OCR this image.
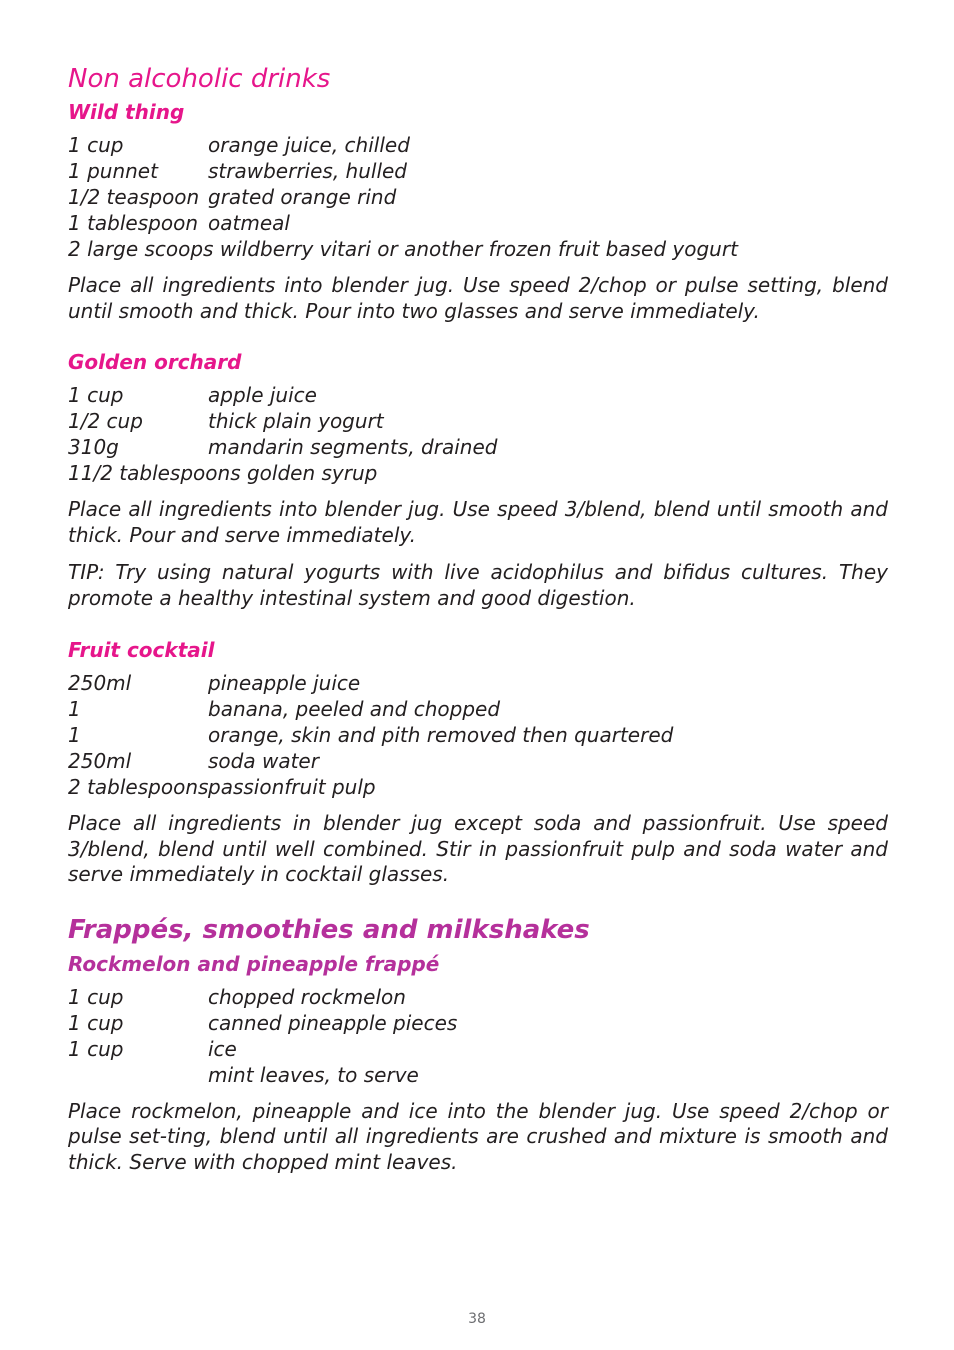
Non alcoholic drinks
Wild thing
1 cup	orange juice, chilled
1 punnet	strawberries, hulled
1/2 teaspoon grated orange rind
1 tablespoon oatmeal
2 large scoops wildberry vitari or another frozen fruit based yogurt

Place all ingredients into blender jug. Use speed 2/chop or pulse setting, blend until smooth and thick. Pour into two glasses and serve immediately.

Golden orchard
1 cup	apple juice
1/2 cup	thick plain yogurt
310g	mandarin segments, drained
11/2 tablespoons golden syrup

Place all ingredients into blender jug. Use speed 3/blend, blend until smooth and thick. Pour and serve immediately.

TIP: Try using natural yogurts with live acidophilus and bifidus cultures. They promote a healthy intestinal system and good digestion.

Fruit cocktail
250ml	pineapple juice
1	banana, peeled and chopped
1	orange, skin and pith removed then quartered
250ml	soda water
2 tablespoons passionfruit pulp

Place all ingredients in blender jug except soda and passionfruit. Use speed 3/blend, blend until well combined. Stir in passionfruit pulp and soda water and serve immediately in cocktail glasses.

Frappés, smoothies and milkshakes
Rockmelon and pineapple frappé
1 cup	chopped rockmelon
1 cup	canned pineapple pieces
1 cup	ice
mint leaves, to serve

Place rockmelon, pineapple and ice into the blender jug. Use speed 2/chop or pulse set-ting, blend until all ingredients are crushed and mixture is smooth and thick. Serve with chopped mint leaves.

38
